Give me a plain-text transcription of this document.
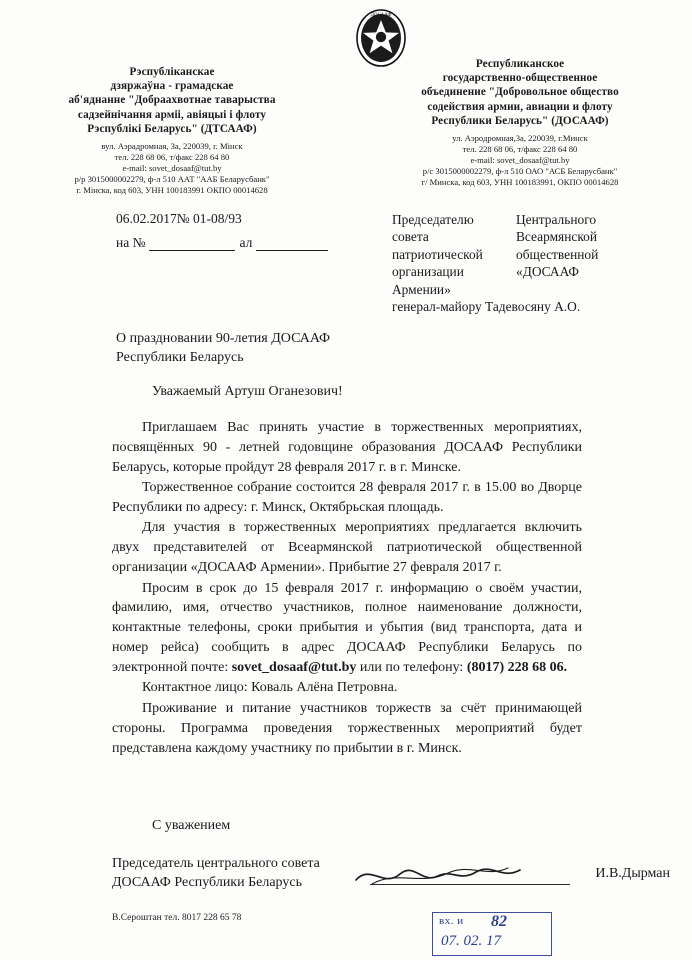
ДОСААФ
Рэспубліканскае
дзяржаўна - грамадскае
аб'яднанне "Добраахвотнае таварыства
садзейнічання арміі, авіяцыі і флоту
Рэспублікі Беларусь" (ДТСААФ)
вул. Аэрадромная, За, 220039, г. Мінск
тел. 228 68 06, т/факс 228 64 80
e-mail: sovet_dosaaf@tut.by
р/р 3015000002279, ф-л 510 ААТ "ААБ Беларусбанк"
г. Мінска, код 603, УНН 100183991 ОКПО 00014628
Республиканское
государственно-общественное
объединение "Добровольное общество
содействия армии, авиации и флоту
Республики Беларусь" (ДОСААФ)
ул. Аэродромная,3а, 220039, г.Минск
тел. 228 68 06, т/факс 228 64 80
e-mail: sovet_dosaaf@tut.by
р/с 3015000002279, ф-л 510 ОАО "АСБ Беларусбанк"
г/ Минска, код 603, УНН 100183991, ОКПО 00014628
06.02.2017№ 01-08/93
на №	ал
Председателю
совета
патриотической
организации
Армении»
Центрального
Всеармянской
общественной
«ДОСААФ
генерал-майору Тадевосяну А.О.
О праздновании 90-летия ДОСААФ
Республики Беларусь
Уважаемый Артуш Оганезович!

Приглашаем Вас принять участие в торжественных мероприятиях, посвящённых 90 - летней годовщине образования ДОСААФ Республики Беларусь, которые пройдут 28 февраля 2017 г. в г. Минске.

Торжественное собрание состоится 28 февраля 2017 г. в 15.00 во Дворце Республики по адресу: г. Минск, Октябрьская площадь.

Для участия в торжественных мероприятиях предлагается включить двух представителей от Всеармянской патриотической общественной организации «ДОСААФ Армении». Прибытие 27 февраля 2017 г.

Просим в срок до 15 февраля 2017 г. информацию о своём участии, фамилию, имя, отчество участников, полное наименование должности, контактные телефоны, сроки прибытия и убытия (вид транспорта, дата и номер рейса) сообщить в адрес ДОСААФ Республики Беларусь по электронной почте: sovet_dosaaf@tut.by или по телефону: (8017) 228 68 06.

Контактное лицо: Коваль Алёна Петровна.

Проживание и питание участников торжеств за счёт принимающей стороны. Программа проведения торжественных мероприятий будет представлена каждому участнику по прибытии в г. Минск.

С уважением
Председатель центрального совета
ДОСААФ Республики Беларусь
И.В.Дырман
В.Сероштан тел. 8017 228 65 78	вх. и 82
07. 02. 17
